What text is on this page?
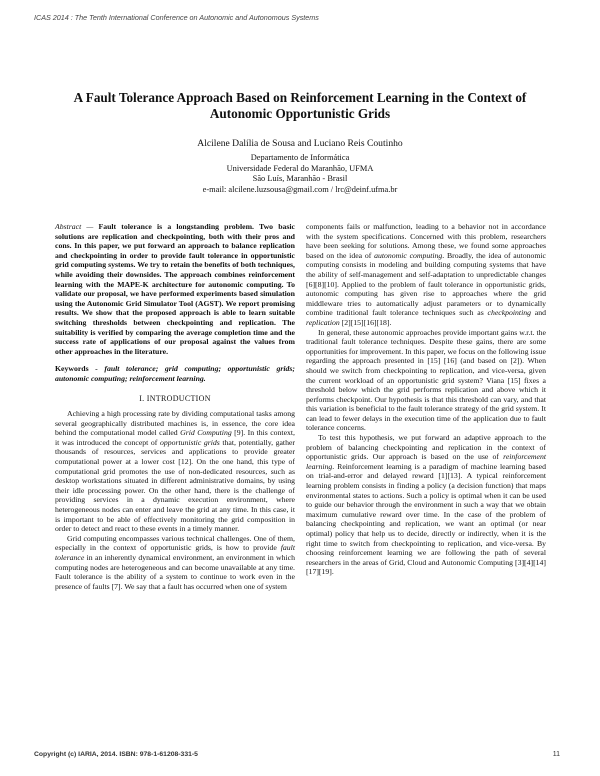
ICAS 2014 : The Tenth International Conference on Autonomic and Autonomous Systems
A Fault Tolerance Approach Based on Reinforcement Learning in the Context of
Autonomic Opportunistic Grids
Alcilene Dalília de Sousa and Luciano Reis Coutinho
Departamento de Informática
Universidade Federal do Maranhão, UFMA
São Luís, Maranhão - Brasil
e-mail: alcilene.luzsousa@gmail.com / lrc@deinf.ufma.br
Abstract — Fault tolerance is a longstanding problem. Two basic solutions are replication and checkpointing, both with their pros and cons. In this paper, we put forward an approach to balance replication and checkpointing in order to provide fault tolerance in opportunistic grid computing systems. We try to retain the benefits of both techniques, while avoiding their downsides. The approach combines reinforcement learning with the MAPE-K architecture for autonomic computing. To validate our proposal, we have performed experiments based simulation using the Autonomic Grid Simulator Tool (AGST). We report promising results. We show that the proposed approach is able to learn suitable switching thresholds between checkpointing and replication. The suitability is verified by comparing the average completion time and the success rate of applications of our proposal against the values from other approaches in the literature.
Keywords - fault tolerance; grid computing; opportunistic grids; autonomic computing; reinforcement learning.
I. INTRODUCTION

Achieving a high processing rate by dividing computational tasks among several geographically distributed machines is, in essence, the core idea behind the computational model called Grid Computing [9]. In this context, it was introduced the concept of opportunistic grids that, potentially, gather thousands of resources, services and applications to provide greater computational power at a lower cost [12]. On the one hand, this type of computational grid promotes the use of non-dedicated resources, such as desktop workstations situated in different administrative domains, by using their idle processing power. On the other hand, there is the challenge of providing services in a dynamic execution environment, where heterogeneous nodes can enter and leave the grid at any time. In this case, it is important to be able of effectively monitoring the grid composition in order to detect and react to these events in a timely manner.

Grid computing encompasses various technical challenges. One of them, especially in the context of opportunistic grids, is how to provide fault tolerance in an inherently dynamical environment, an environment in which computing nodes are heterogeneous and can become unavailable at any time. Fault tolerance is the ability of a system to continue to work even in the presence of faults [7]. We say that a fault has occurred when one of system

components fails or malfunction, leading to a behavior not in accordance with the system specifications. Concerned with this problem, researchers have been seeking for solutions. Among these, we found some approaches based on the idea of autonomic computing. Broadly, the idea of autonomic computing consists in modeling and building computing systems that have the ability of self-management and self-adaptation to unpredictable changes [6][8][10]. Applied to the problem of fault tolerance in opportunistic grids, autonomic computing has given rise to approaches where the grid middleware tries to automatically adjust parameters or to dynamically combine traditional fault tolerance techniques such as checkpointing and replication [2][15][16][18].

In general, these autonomic approaches provide important gains w.r.t. the traditional fault tolerance techniques. Despite these gains, there are some opportunities for improvement. In this paper, we focus on the following issue regarding the approach presented in [15] [16] (and based on [2]). When should we switch from checkpointing to replication, and vice-versa, given the current workload of an opportunistic grid system? Viana [15] fixes a threshold below which the grid performs replication and above which it performs checkpoint. Our hypothesis is that this threshold can vary, and that this variation is beneficial to the fault tolerance strategy of the grid system. It can lead to fewer delays in the execution time of the application due to fault tolerance concerns.

To test this hypothesis, we put forward an adaptive approach to the problem of balancing checkpointing and replication in the context of opportunistic grids. Our approach is based on the use of reinforcement learning. Reinforcement learning is a paradigm of machine learning based on trial-and-error and delayed reward [1][13]. A typical reinforcement learning problem consists in finding a policy (a decision function) that maps environmental states to actions. Such a policy is optimal when it can be used to guide our behavior through the environment in such a way that we obtain maximum cumulative reward over time. In the case of the problem of balancing checkpointing and replication, we want an optimal (or near optimal) policy that help us to decide, directly or indirectly, when it is the right time to switch from checkpointing to replication, and vice-versa. By choosing reinforcement learning we are following the path of several researchers in the areas of Grid, Cloud and Autonomic Computing [3][4][14][17][19].

Copyright (c) IARIA, 2014. ISBN: 978-1-61208-331-5	11
